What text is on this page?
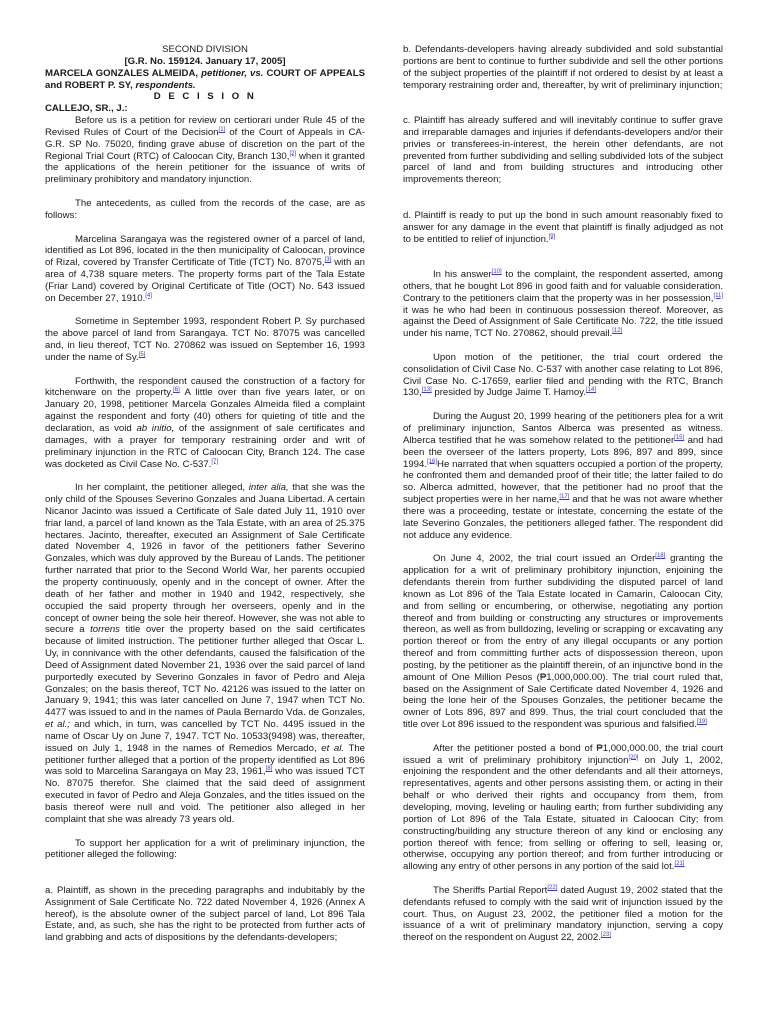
SECOND DIVISION
[G.R. No. 159124. January 17, 2005]
MARCELA GONZALES ALMEIDA, petitioner, vs. COURT OF APPEALS and ROBERT P. SY, respondents.
D E C I S I O N
CALLEJO, SR., J.:

Before us is a petition for review on certiorari under Rule 45 of the Revised Rules of Court of the Decision[1] of the Court of Appeals in CA-G.R. SP No. 75020, finding grave abuse of discretion on the part of the Regional Trial Court (RTC) of Caloocan City, Branch 130,[2] when it granted the applications of the herein petitioner for the issuance of writs of preliminary prohibitory and mandatory injunction.

The antecedents, as culled from the records of the case, are as follows:

Marcelina Sarangaya was the registered owner of a parcel of land, identified as Lot 896, located in the then municipality of Caloocan, province of Rizal, covered by Transfer Certificate of Title (TCT) No. 87075,[3] with an area of 4,738 square meters. The property forms part of the Tala Estate (Friar Land) covered by Original Certificate of Title (OCT) No. 543 issued on December 27, 1910.[4]

Sometime in September 1993, respondent Robert P. Sy purchased the above parcel of land from Sarangaya. TCT No. 87075 was cancelled and, in lieu thereof, TCT No. 270862 was issued on September 16, 1993 under the name of Sy.[5]

Forthwith, the respondent caused the construction of a factory for kitchenware on the property.[6] A little over than five years later, or on January 20, 1998, petitioner Marcela Gonzales Almeida filed a complaint against the respondent and forty (40) others for quieting of title and the declaration, as void ab initio, of the assignment of sale certificates and damages, with a prayer for temporary restraining order and writ of preliminary injunction in the RTC of Caloocan City, Branch 124. The case was docketed as Civil Case No. C-537.[7]

In her complaint, the petitioner alleged, inter alia, that she was the only child of the Spouses Severino Gonzales and Juana Libertad. A certain Nicanor Jacinto was issued a Certificate of Sale dated July 11, 1910 over friar land, a parcel of land known as the Tala Estate, with an area of 25.375 hectares. Jacinto, thereafter, executed an Assignment of Sale Certificate dated November 4, 1926 in favor of the petitioners father Severino Gonzales, which was duly approved by the Bureau of Lands. The petitioner further narrated that prior to the Second World War, her parents occupied the property continuously, openly and in the concept of owner. After the death of her father and mother in 1940 and 1942, respectively, she occupied the said property through her overseers, openly and in the concept of owner being the sole heir thereof. However, she was not able to secure a torrens title over the property based on the said certificates because of limited instruction. The petitioner further alleged that Oscar L. Uy, in connivance with the other defendants, caused the falsification of the Deed of Assignment dated November 21, 1936 over the said parcel of land purportedly executed by Severino Gonzales in favor of Pedro and Aleja Gonzales; on the basis thereof, TCT No. 42126 was issued to the latter on January 9, 1941; this was later cancelled on June 7, 1947 when TCT No. 4477 was issued to and in the names of Paula Bernardo Vda. de Gonzales, et al.; and which, in turn, was cancelled by TCT No. 4495 issued in the name of Oscar Uy on June 7, 1947. TCT No. 10533(9498) was, thereafter, issued on July 1, 1948 in the names of Remedios Mercado, et al. The petitioner further alleged that a portion of the property identified as Lot 896 was sold to Marcelina Sarangaya on May 23, 1961,[8] who was issued TCT No. 87075 therefor. She claimed that the said deed of assignment executed in favor of Pedro and Aleja Gonzales, and the titles issued on the basis thereof were null and void. The petitioner also alleged in her complaint that she was already 73 years old.

To support her application for a writ of preliminary injunction, the petitioner alleged the following:

a. Plaintiff, as shown in the preceding paragraphs and indubitably by the Assignment of Sale Certificate No. 722 dated November 4, 1926 (Annex A hereof), is the absolute owner of the subject parcel of land, Lot 896 Tala Estate, and, as such, she has the right to be protected from further acts of land grabbing and acts of dispositions by the defendants-developers;

b. Defendants-developers having already subdivided and sold substantial portions are bent to continue to further subdivide and sell the other portions of the subject properties of the plaintiff if not ordered to desist by at least a temporary restraining order and, thereafter, by writ of preliminary injunction;

c. Plaintiff has already suffered and will inevitably continue to suffer grave and irreparable damages and injuries if defendants-developers and/or their privies or transferees-in-interest, the herein other defendants, are not prevented from further subdividing and selling subdivided lots of the subject parcel of land and from building structures and introducing other improvements thereon;

d. Plaintiff is ready to put up the bond in such amount reasonably fixed to answer for any damage in the event that plaintiff is finally adjudged as not to be entitled to relief of injunction.[9]

In his answer[10] to the complaint, the respondent asserted, among others, that he bought Lot 896 in good faith and for valuable consideration. Contrary to the petitioners claim that the property was in her possession,[11] it was he who had been in continuous possession thereof. Moreover, as against the Deed of Assignment of Sale Certificate No. 722, the title issued under his name, TCT No. 270862, should prevail.[12]

Upon motion of the petitioner, the trial court ordered the consolidation of Civil Case No. C-537 with another case relating to Lot 896, Civil Case No. C-17659, earlier filed and pending with the RTC, Branch 130,[13] presided by Judge Jaime T. Hamoy.[14]

During the August 20, 1999 hearing of the petitioners plea for a writ of preliminary injunction, Santos Alberca was presented as witness. Alberca testified that he was somehow related to the petitioner[15] and had been the overseer of the latters property, Lots 896, 897 and 899, since 1994.[16]He narrated that when squatters occupied a portion of the property, he confronted them and demanded proof of their title; the latter failed to do so. Alberca admitted, however, that the petitioner had no proof that the subject properties were in her name,[17] and that he was not aware whether there was a proceeding, testate or intestate, concerning the estate of the late Severino Gonzales, the petitioners alleged father. The respondent did not adduce any evidence.

On June 4, 2002, the trial court issued an Order[18] granting the application for a writ of preliminary prohibitory injunction, enjoining the defendants therein from further subdividing the disputed parcel of land known as Lot 896 of the Tala Estate located in Camarin, Caloocan City, and from selling or encumbering, or otherwise, negotiating any portion thereof and from building or constructing any structures or improvements thereon, as well as from bulldozing, leveling or scrapping or excavating any portion thereof or from the entry of any illegal occupants or any portion thereof and from committing further acts of dispossession thereon, upon posting, by the petitioner as the plaintiff therein, of an injunctive bond in the amount of One Million Pesos (₱1,000,000.00). The trial court ruled that, based on the Assignment of Sale Certificate dated November 4, 1926 and being the lone heir of the Spouses Gonzales, the petitioner became the owner of Lots 896, 897 and 899. Thus, the trial court concluded that the title over Lot 896 issued to the respondent was spurious and falsified.[19]

After the petitioner posted a bond of ₱1,000,000.00, the trial court issued a writ of preliminary prohibitory injunction[20] on July 1, 2002, enjoining the respondent and the other defendants and all their attorneys, representatives, agents and other persons assisting them, or acting in their behalf or who derived their rights and occupancy from them, from developing, moving, leveling or hauling earth; from further subdividing any portion of Lot 896 of the Tala Estate, situated in Caloocan City; from constructing/building any structure thereon of any kind or enclosing any portion thereof with fence; from selling or offering to sell, leasing or, otherwise, occupying any portion thereof; and from further introducing or allowing any entry of other persons in any portion of the said lot.[21]

The Sheriffs Partial Report[22] dated August 19, 2002 stated that the defendants refused to comply with the said writ of injunction issued by the court. Thus, on August 23, 2002, the petitioner filed a motion for the issuance of a writ of preliminary mandatory injunction, serving a copy thereof on the respondent on August 22, 2002.[23]
